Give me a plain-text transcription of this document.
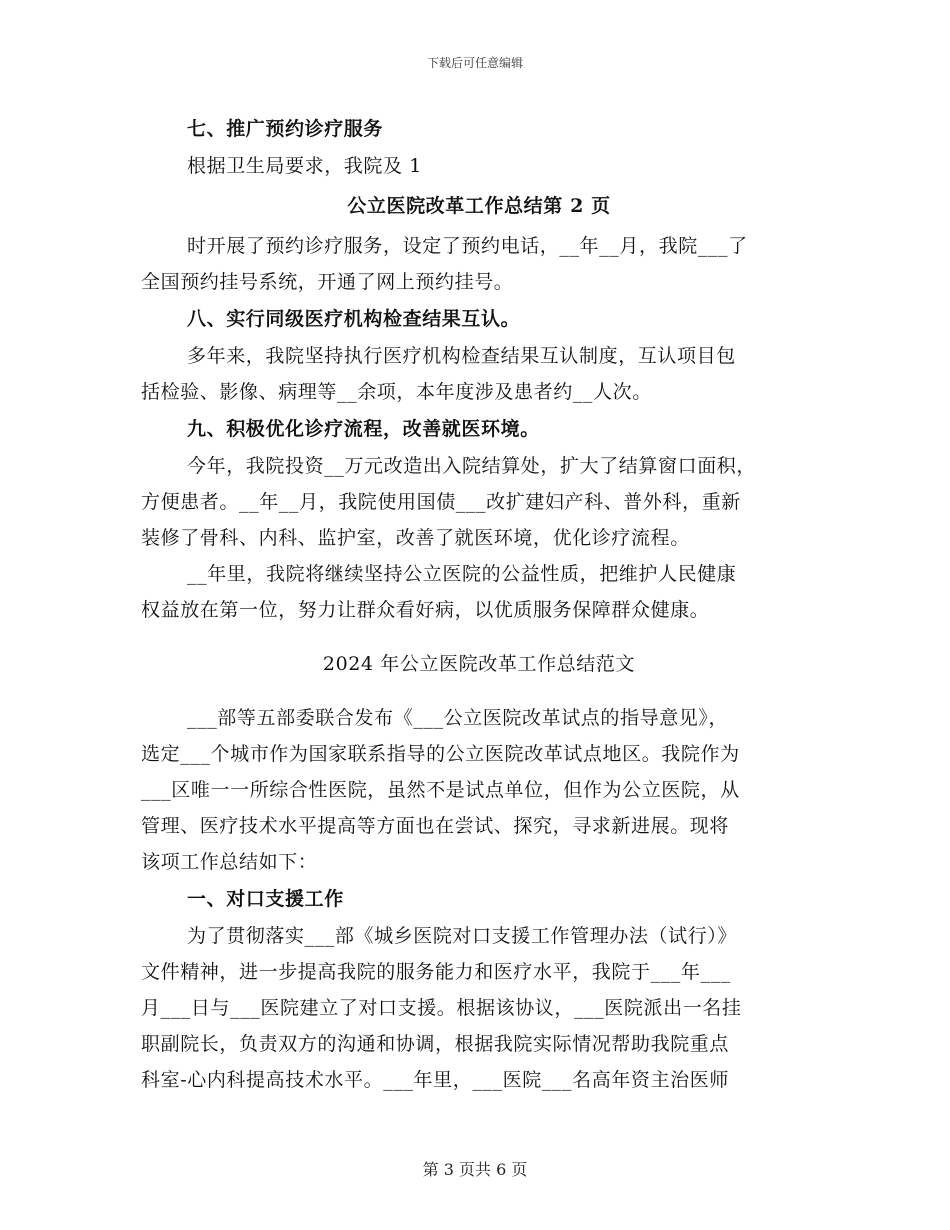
下载后可任意编辑
七、推广预约诊疗服务
根据卫生局要求，我院及 1
公立医院改革工作总结第 2 页
时开展了预约诊疗服务，设定了预约电话，__年__月，我院___了
全国预约挂号系统，开通了网上预约挂号。
八、实行同级医疗机构检查结果互认。
多年来，我院坚持执行医疗机构检查结果互认制度，互认项目包
括检验、影像、病理等__余项，本年度涉及患者约__人次。
九、积极优化诊疗流程，改善就医环境。
今年，我院投资__万元改造出入院结算处，扩大了结算窗口面积，
方便患者。__年__月，我院使用国债___改扩建妇产科、普外科，重新
装修了骨科、内科、监护室，改善了就医环境，优化诊疗流程。
__年里，我院将继续坚持公立医院的公益性质，把维护人民健康
权益放在第一位，努力让群众看好病，以优质服务保障群众健康。
2024 年公立医院改革工作总结范文
___部等五部委联合发布《___公立医院改革试点的指导意见》，
选定___个城市作为国家联系指导的公立医院改革试点地区。我院作为
___区唯一一所综合性医院，虽然不是试点单位，但作为公立医院，从
管理、医疗技术水平提高等方面也在尝试、探究，寻求新进展。现将
该项工作总结如下：
一、对口支援工作
为了贯彻落实___部《城乡医院对口支援工作管理办法（试行）》
文件精神，进一步提高我院的服务能力和医疗水平，我院于___年___
月___日与___医院建立了对口支援。根据该协议，___医院派出一名挂
职副院长，负责双方的沟通和协调，根据我院实际情况帮助我院重点
科室-心内科提高技术水平。___年里，___医院___名高年资主治医师
第 3 页共 6 页
